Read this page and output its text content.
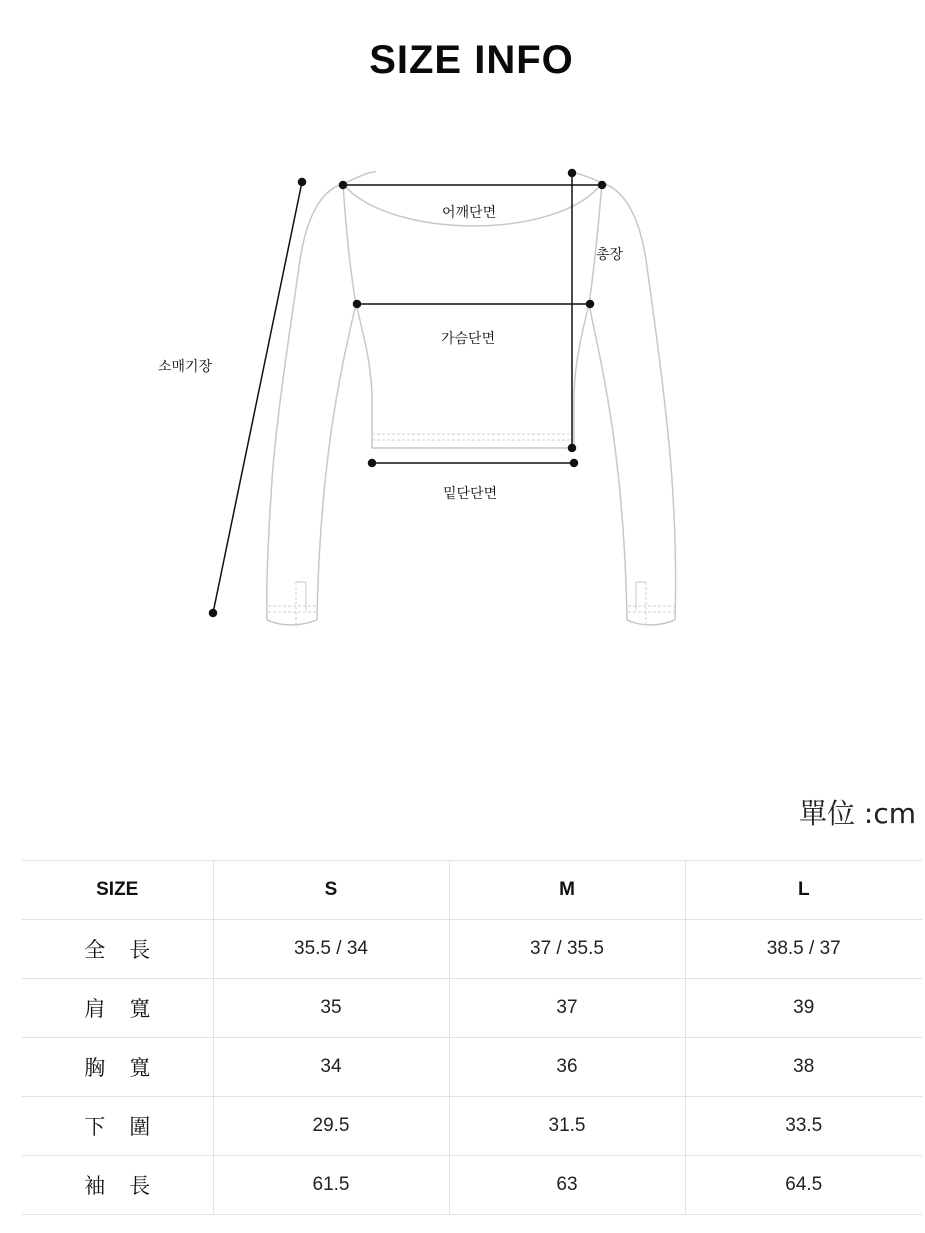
SIZE INFO
어깨단면
가슴단면
밑단단면
총장
소매기장
單位 :cm
SIZE	S	M	L
全長	35.5 / 34	37 / 35.5	38.5 / 37
肩寬	35	37	39
胸寬	34	36	38
下圍	29.5	31.5	33.5
袖長	61.5	63	64.5
